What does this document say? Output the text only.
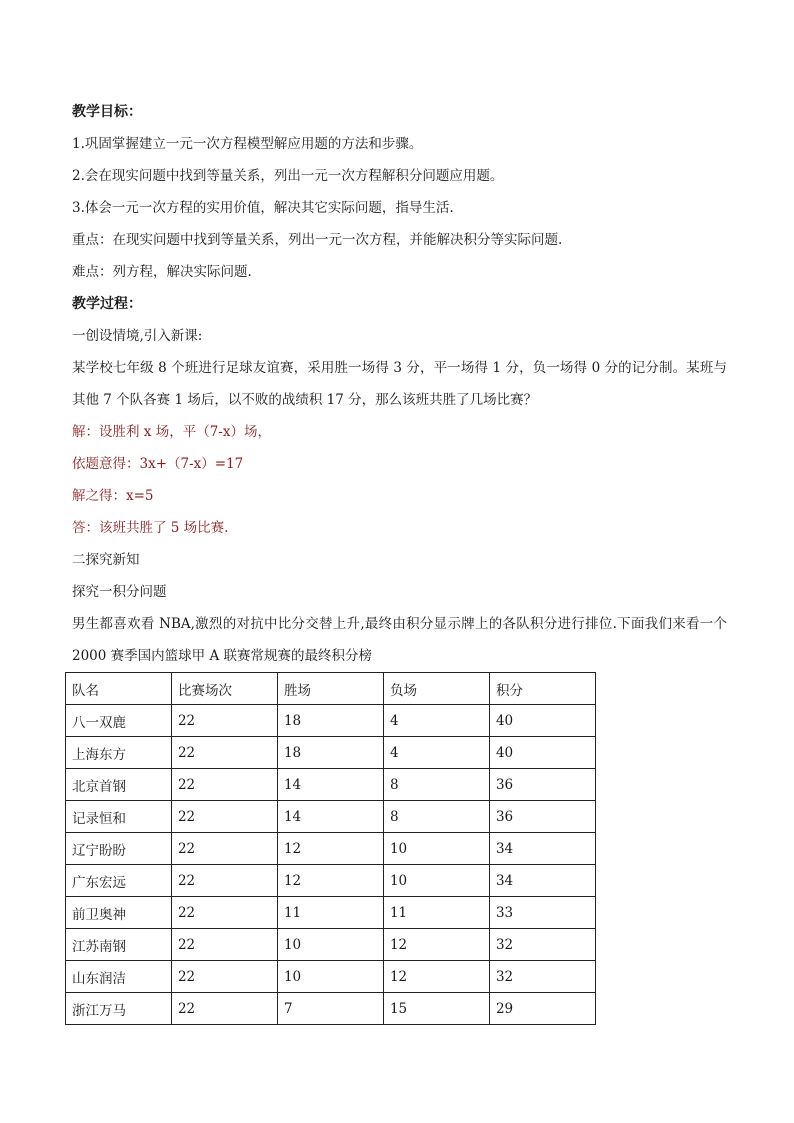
教学目标：
1.巩固掌握建立一元一次方程模型解应用题的方法和步骤。
2.会在现实问题中找到等量关系，列出一元一次方程解积分问题应用题。
3.体会一元一次方程的实用价值，解决其它实际问题，指导生活.
重点：在现实问题中找到等量关系，列出一元一次方程，并能解决积分等实际问题.
难点：列方程，解决实际问题.
教学过程：
一创设情境,引入新课:
某学校七年级 8 个班进行足球友谊赛，采用胜一场得 3 分，平一场得 1 分，负一场得 0 分的记分制。某班与其他 7 个队各赛 1 场后，以不败的战绩积 17 分，那么该班共胜了几场比赛？
解：设胜利 x 场，平（7-x）场，
依题意得：3x+（7-x）=17
解之得：x=5
答：该班共胜了 5 场比赛.
二探究新知
探究一积分问题
男生都喜欢看 NBA,激烈的对抗中比分交替上升,最终由积分显示牌上的各队积分进行排位.下面我们来看一个 2000 赛季国内篮球甲 A 联赛常规赛的最终积分榜
队名	比赛场次	胜场	负场	积分
八一双鹿	22	18	4	40
上海东方	22	18	4	40
北京首钢	22	14	8	36
记录恒和	22	14	8	36
辽宁盼盼	22	12	10	34
广东宏远	22	12	10	34
前卫奥神	22	11	11	33
江苏南钢	22	10	12	32
山东润洁	22	10	12	32
浙江万马	22	7	15	29
